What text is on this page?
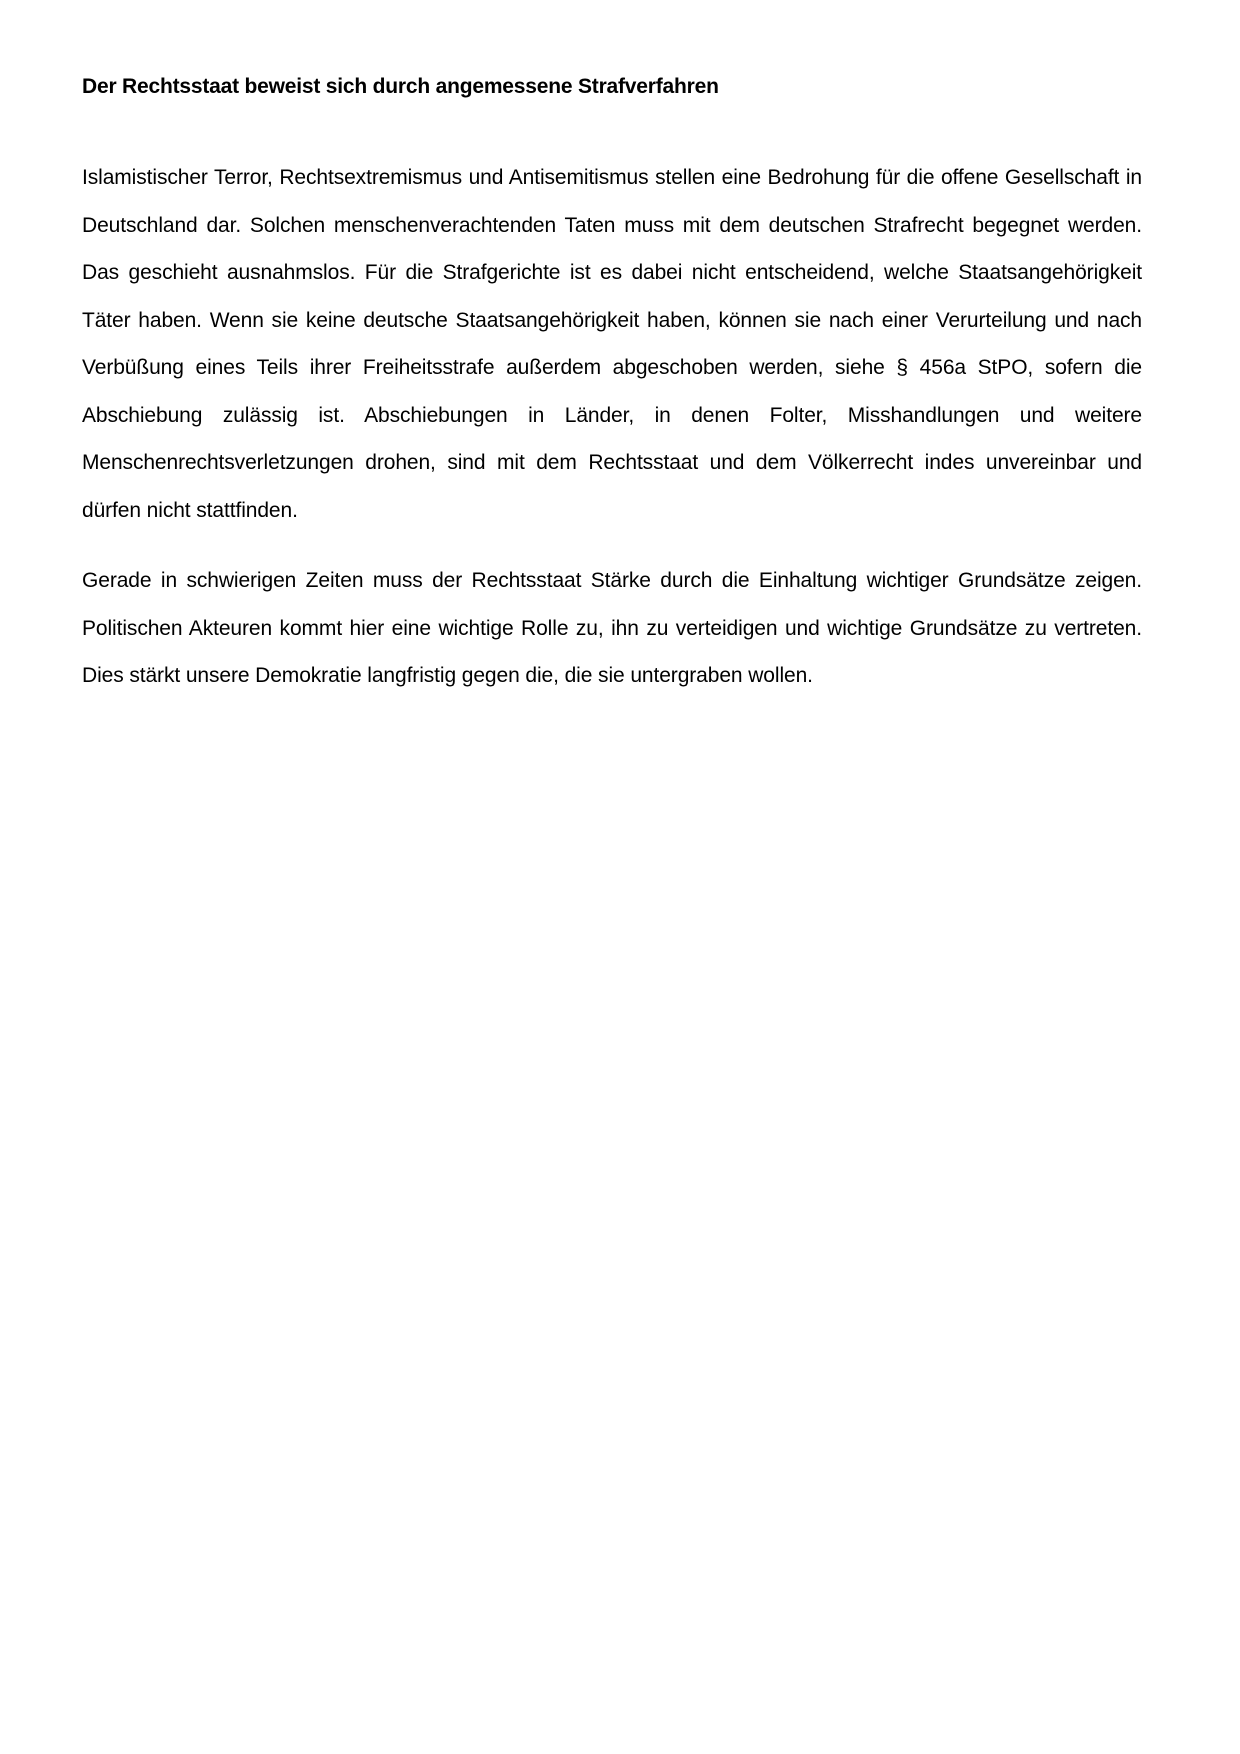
Der Rechtsstaat beweist sich durch angemessene Strafverfahren

Islamistischer Terror, Rechtsextremismus und Antisemitismus stellen eine Bedrohung für die offene Gesellschaft in Deutschland dar. Solchen menschenverachtenden Taten muss mit dem deutschen Strafrecht begegnet werden. Das geschieht ausnahmslos. Für die Strafgerichte ist es dabei nicht entscheidend, welche Staatsangehörigkeit Täter haben. Wenn sie keine deutsche Staatsangehörigkeit haben, können sie nach einer Verurteilung und nach Verbüßung eines Teils ihrer Freiheitsstrafe außerdem abgeschoben werden, siehe § 456a StPO, sofern die Abschiebung zulässig ist. Abschiebungen in Länder, in denen Folter, Misshandlungen und weitere Menschenrechtsverletzungen drohen, sind mit dem Rechtsstaat und dem Völkerrecht indes unvereinbar und dürfen nicht stattfinden.

Gerade in schwierigen Zeiten muss der Rechtsstaat Stärke durch die Einhaltung wichtiger Grundsätze zeigen. Politischen Akteuren kommt hier eine wichtige Rolle zu, ihn zu verteidigen und wichtige Grundsätze zu vertreten. Dies stärkt unsere Demokratie langfristig gegen die, die sie untergraben wollen.
